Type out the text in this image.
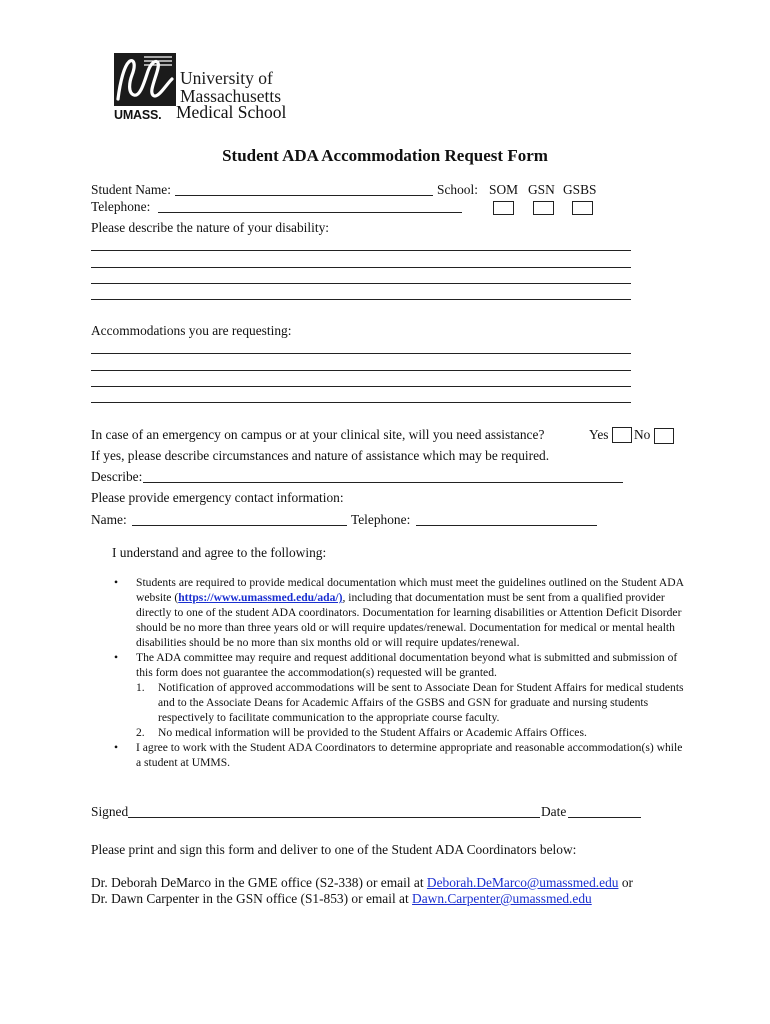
University of
Massachusetts
UMASS. Medical School
Student ADA Accommodation Request Form
Student Name:	School: SOM GSN GSBS
Telephone:
Please describe the nature of your disability:
Accommodations you are requesting:
In case of an emergency on campus or at your clinical site, will you need assistance?	Yes No
If yes, please describe circumstances and nature of assistance which may be required.
Describe:
Please provide emergency contact information:
Name:	Telephone:
I understand and agree to the following:
• Students are required to provide medical documentation which must meet the guidelines outlined on the Student ADA website (https://www.umassmed.edu/ada/), including that documentation must be sent from a qualified provider directly to one of the student ADA coordinators. Documentation for learning disabilities or Attention Deficit Disorder should be no more than three years old or will require updates/renewal. Documentation for medical or mental health disabilities should be no more than six months old or will require updates/renewal.
• The ADA committee may require and request additional documentation beyond what is submitted and submission of this form does not guarantee the accommodation(s) requested will be granted.
1. Notification of approved accommodations will be sent to Associate Dean for Student Affairs for medical students and to the Associate Deans for Academic Affairs of the GSBS and GSN for graduate and nursing students respectively to facilitate communication to the appropriate course faculty.
2. No medical information will be provided to the Student Affairs or Academic Affairs Offices.
• I agree to work with the Student ADA Coordinators to determine appropriate and reasonable accommodation(s) while a student at UMMS.
Signed	Date
Please print and sign this form and deliver to one of the Student ADA Coordinators below:
Dr. Deborah DeMarco in the GME office (S2-338) or email at Deborah.DeMarco@umassmed.edu or
Dr. Dawn Carpenter in the GSN office (S1-853) or email at Dawn.Carpenter@umassmed.edu
